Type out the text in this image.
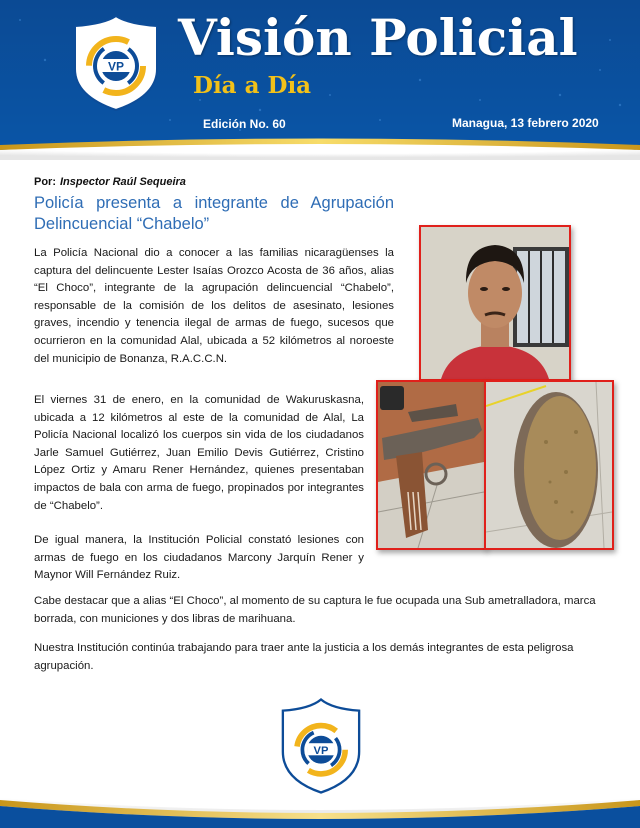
VP Visión Policial
Día a Día
Edición No. 60	Managua, 13 febrero 2020
Por: Inspector Raúl Sequeira
Policía presenta a integrante de Agrupación Delincuencial “Chabelo”
La Policía Nacional dio a conocer a las familias nicaragüenses la captura del delincuente Lester Isaías Orozco Acosta de 36 años, alias “El Choco”, integrante de la agrupación delincuencial “Chabelo”, responsable de la comisión de los delitos de asesinato, lesiones graves, incendio y tenencia ilegal de armas de fuego, sucesos que ocurrieron en la comunidad Alal, ubicada a 52 kilómetros al noroeste del municipio de Bonanza, R.A.C.C.N.
El viernes 31 de enero, en la comunidad de Wakuruskasna, ubicada a 12 kilómetros al este de la comunidad de Alal, La Policía Nacional localizó los cuerpos sin vida de los ciudadanos Jarle Samuel Gutiérrez, Juan Emilio Devis Gutiérrez, Cristino López Ortiz y Amaru Rener Hernández, quienes presentaban impactos de bala con arma de fuego, propinados por integrantes de “Chabelo”.
De igual manera, la Institución Policial constató lesiones con armas de fuego en los ciudadanos Marcony Jarquín Rener y Maynor Will Fernández Ruiz.
Cabe destacar que a alias “El Choco”, al momento de su captura le fue ocupada una Sub ametralladora, marca borrada, con municiones y dos libras de marihuana.
Nuestra Institución continúa trabajando para traer ante la justicia a los demás integrantes de esta peligrosa agrupación.
VP
